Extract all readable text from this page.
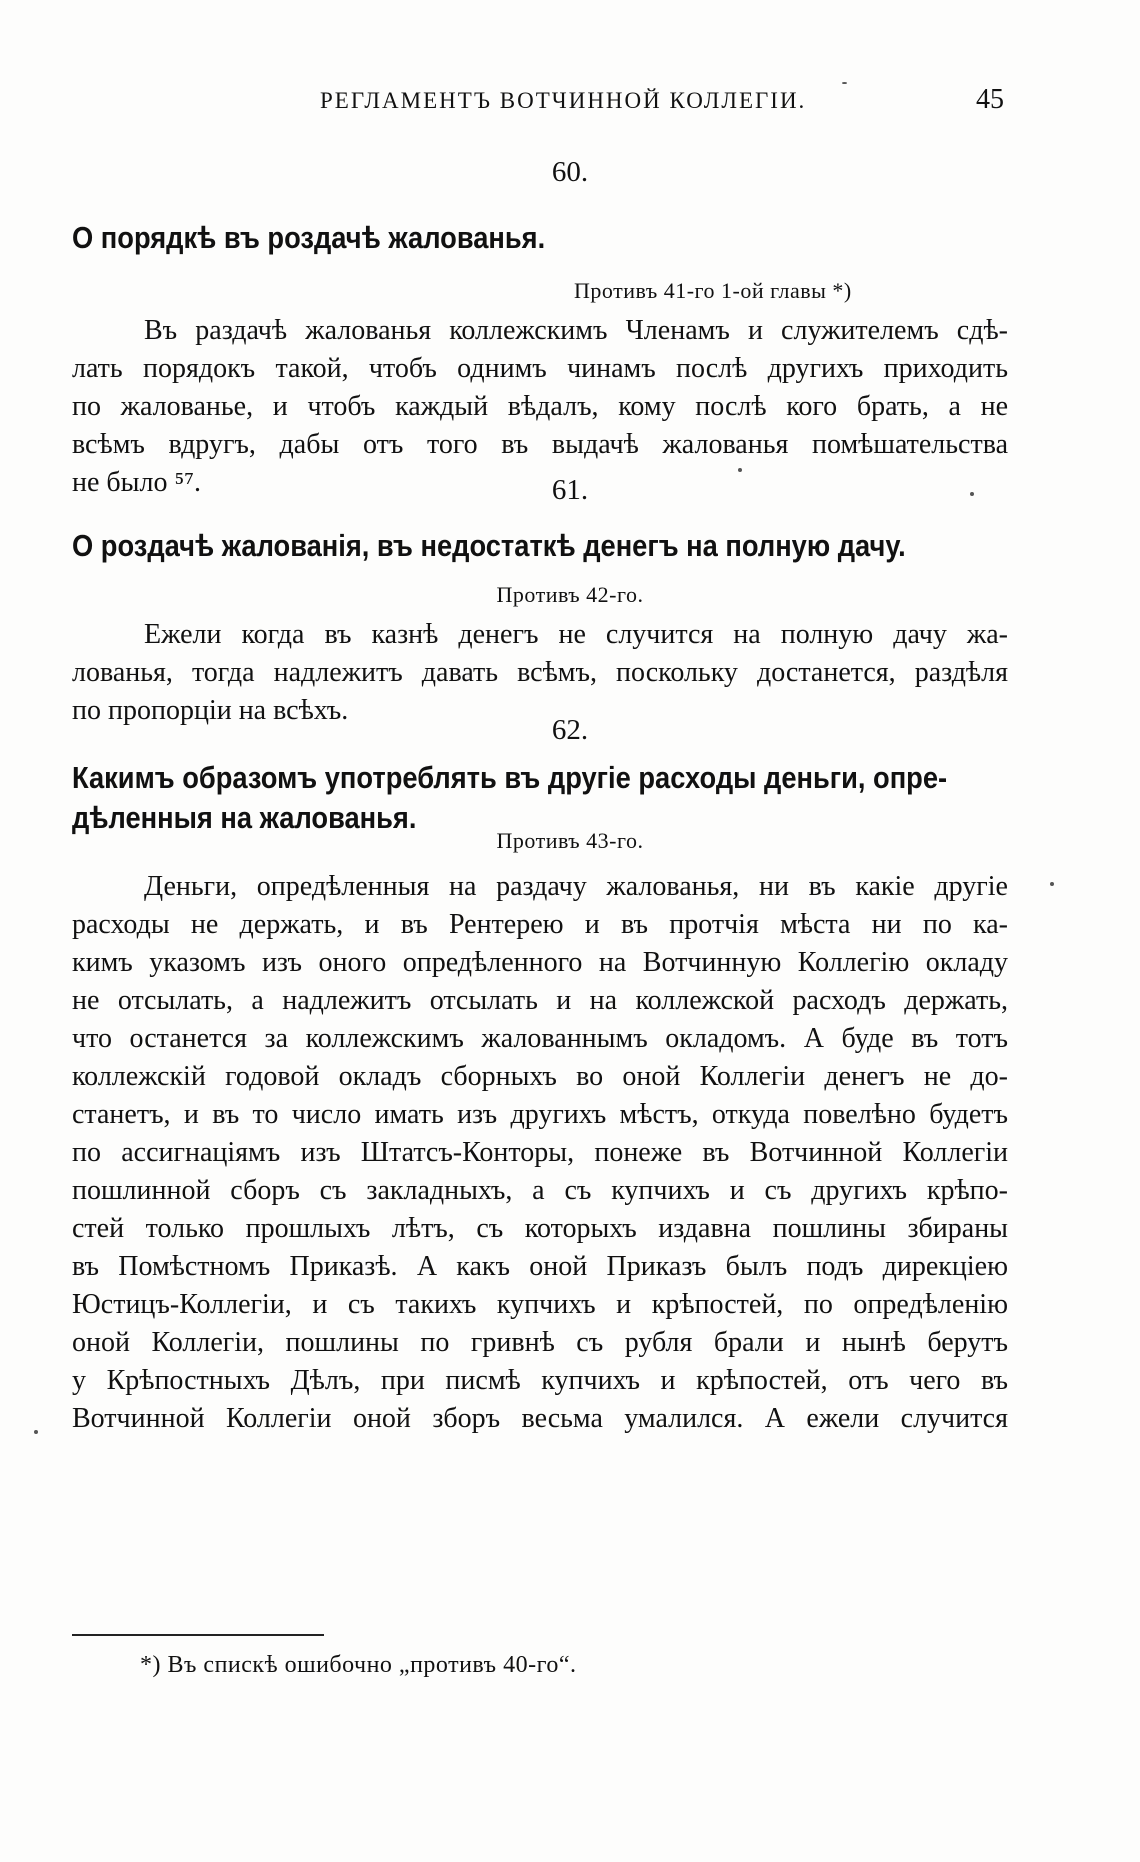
РЕГЛАМЕНТЪ ВОТЧИННОЙ КОЛЛЕГІИ.	45
60.
О порядкѣ въ роздачѣ жалованья.
Противъ 41-го 1-ой главы *)
Въ раздачѣ жалованья коллежскимъ Членамъ и служителемъ сдѣ-
лать порядокъ такой, чтобъ однимъ чинамъ послѣ другихъ приходить
по жалованье, и чтобъ каждый вѣдалъ, кому послѣ кого брать, а не
всѣмъ вдругъ, дабы отъ того въ выдачѣ жалованья помѣшательства
не было ⁵⁷.	61.
О роздачѣ жалованія, въ недостаткѣ денегъ на полную дачу.
Противъ 42-го.
Ежели когда въ казнѣ денегъ не случится на полную дачу жа-
лованья, тогда надлежитъ давать всѣмъ, поскольку достанется, раздѣля
по пропорціи на всѣхъ.
62.
Какимъ образомъ употреблять въ другіе расходы деньги, опре-
дѣленныя на жалованья.
Противъ 43-го.
Деньги, опредѣленныя на раздачу жалованья, ни въ какіе другіе
расходы не держать, и въ Рентерею и въ протчія мѣста ни по ка-
кимъ указомъ изъ оного опредѣленного на Вотчинную Коллегію окладу
не отсылать, а надлежитъ отсылать и на коллежской расходъ держать,
что останется за коллежскимъ жалованнымъ окладомъ. А буде въ тотъ
коллежскій годовой окладъ сборныхъ во оной Коллегіи денегъ не до-
станетъ, и въ то число имать изъ другихъ мѣстъ, откуда повелѣно будетъ
по ассигнаціямъ изъ Штатсъ-Конторы, понеже въ Вотчинной Коллегіи
пошлинной сборъ съ закладныхъ, а съ купчихъ и съ другихъ крѣпо-
стей только прошлыхъ лѣтъ, съ которыхъ издавна пошлины збираны
въ Помѣстномъ Приказѣ. А какъ оной Приказъ былъ подъ дирекціею
Юстицъ-Коллегіи, и съ такихъ купчихъ и крѣпостей, по опредѣленію
оной Коллегіи, пошлины по гривнѣ съ рубля брали и нынѣ берутъ
у Крѣпостныхъ Дѣлъ, при писмѣ купчихъ и крѣпостей, отъ чего въ
Вотчинной Коллегіи оной зборъ весьма умалился. А ежели случится
*) Въ спискѣ ошибочно „противъ 40-го“.
